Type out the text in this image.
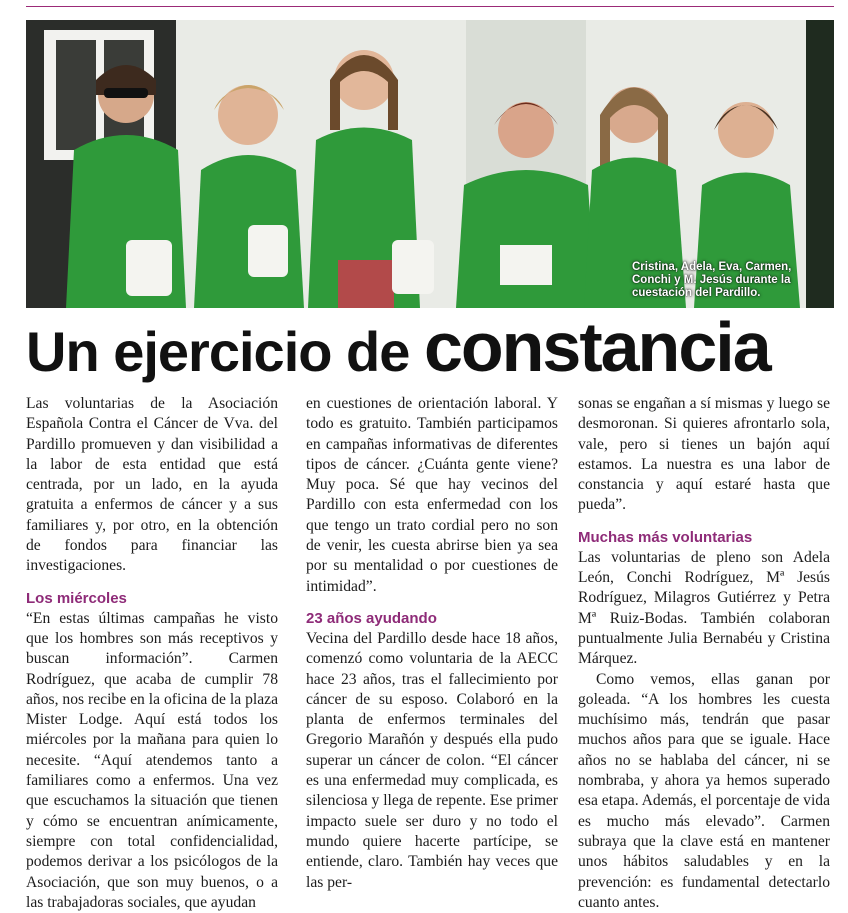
Cristina, Adela, Eva, Carmen, Conchi y M. Jesús durante la cuestación del Pardillo.
Un ejercicio de constancia

Las voluntarias de la Asociación Española Contra el Cáncer de Vva. del Pardillo promueven y dan visibilidad a la labor de esta entidad que está centrada, por un lado, en la ayuda gratuita a enfermos de cáncer y a sus familiares y, por otro, en la obtención de fondos para financiar las investigaciones.

Los miércoles

“En estas últimas campañas he visto que los hombres son más receptivos y buscan información”. Carmen Rodríguez, que acaba de cumplir 78 años, nos recibe en la oficina de la plaza Mister Lodge. Aquí está todos los miércoles por la mañana para quien lo necesite. “Aquí atendemos tanto a familiares como a enfermos. Una vez que escuchamos la situación que tienen y cómo se encuentran anímicamente, siempre con total confidencialidad, podemos derivar a los psicólogos de la Asociación, que son muy buenos, o a las trabajadoras sociales, que ayudan

en cuestiones de orientación laboral. Y todo es gratuito. También participamos en campañas informativas de diferentes tipos de cáncer. ¿Cuánta gente viene? Muy poca. Sé que hay vecinos del Pardillo con esta enfermedad con los que tengo un trato cordial pero no son de venir, les cuesta abrirse bien ya sea por su mentalidad o por cuestiones de intimidad”.

23 años ayudando

Vecina del Pardillo desde hace 18 años, comenzó como voluntaria de la AECC hace 23 años, tras el fallecimiento por cáncer de su esposo. Colaboró en la planta de enfermos terminales del Gregorio Marañón y después ella pudo superar un cáncer de colon. “El cáncer es una enfermedad muy complicada, es silenciosa y llega de repente. Ese primer impacto suele ser duro y no todo el mundo quiere hacerte partícipe, se entiende, claro. También hay veces que las per-

sonas se engañan a sí mismas y luego se desmoronan. Si quieres afrontarlo sola, vale, pero si tienes un bajón aquí estamos. La nuestra es una labor de constancia y aquí estaré hasta que pueda”.

Muchas más voluntarias

Las voluntarias de pleno son Adela León, Conchi Rodríguez, Mª Jesús Rodríguez, Milagros Gutiérrez y Petra Mª Ruiz-Bodas. También colaboran puntualmente Julia Bernabéu y Cristina Márquez.

Como vemos, ellas ganan por goleada. “A los hombres les cuesta muchísimo más, tendrán que pasar muchos años para que se iguale. Hace años no se hablaba del cáncer, ni se nombraba, y ahora ya hemos superado esa etapa. Además, el porcentaje de vida es mucho más elevado”. Carmen subraya que la clave está en mantener unos hábitos saludables y en la prevención: es fundamental detectarlo cuanto antes.
